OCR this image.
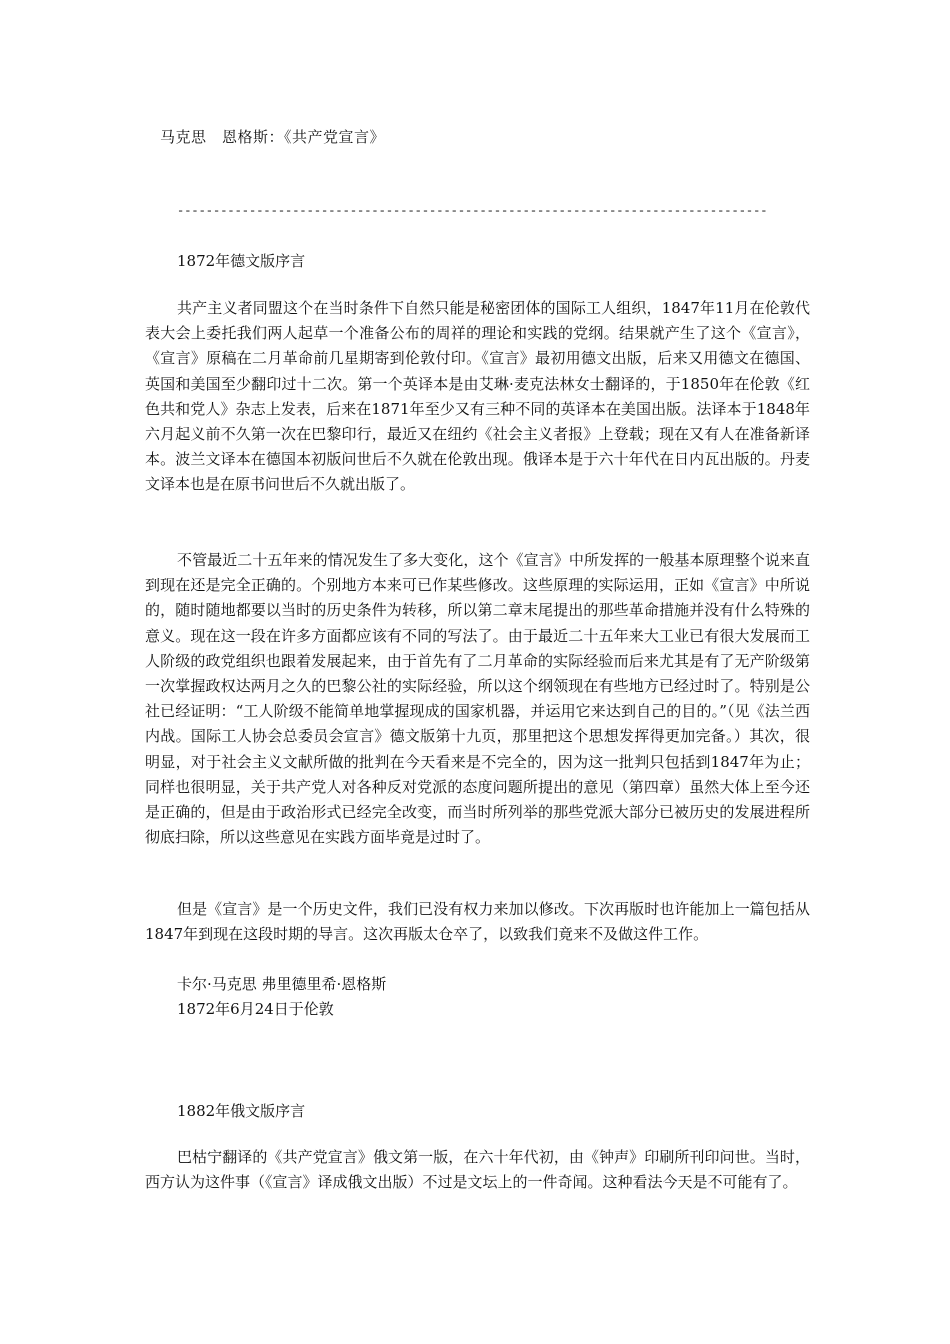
马克思　恩格斯：《共产党宣言》
----------------------------------------------------------------------------------
1872年德文版序言
共产主义者同盟这个在当时条件下自然只能是秘密团体的国际工人组织，1847年11月在伦敦代表大会上委托我们两人起草一个准备公布的周祥的理论和实践的党纲。结果就产生了这个《宣言》，《宣言》原稿在二月革命前几星期寄到伦敦付印。《宣言》最初用德文出版，后来又用德文在德国、英国和美国至少翻印过十二次。第一个英译本是由艾琳·麦克法林女士翻译的，于1850年在伦敦《红色共和党人》杂志上发表，后来在1871年至少又有三种不同的英译本在美国出版。法译本于1848年六月起义前不久第一次在巴黎印行，最近又在纽约《社会主义者报》上登载；现在又有人在准备新译本。波兰文译本在德国本初版问世后不久就在伦敦出现。俄译本是于六十年代在日内瓦出版的。丹麦文译本也是在原书问世后不久就出版了。
不管最近二十五年来的情况发生了多大变化，这个《宣言》中所发挥的一般基本原理整个说来直到现在还是完全正确的。个别地方本来可已作某些修改。这些原理的实际运用，正如《宣言》中所说的，随时随地都要以当时的历史条件为转移，所以第二章末尾提出的那些革命措施并没有什么特殊的意义。现在这一段在许多方面都应该有不同的写法了。由于最近二十五年来大工业已有很大发展而工人阶级的政党组织也跟着发展起来，由于首先有了二月革命的实际经验而后来尤其是有了无产阶级第一次掌握政权达两月之久的巴黎公社的实际经验，所以这个纲领现在有些地方已经过时了。特别是公社已经证明：“工人阶级不能简单地掌握现成的国家机器，并运用它来达到自己的目的。”（见《法兰西内战。国际工人协会总委员会宣言》德文版第十九页，那里把这个思想发挥得更加完备。）其次，很明显，对于社会主义文献所做的批判在今天看来是不完全的，因为这一批判只包括到1847年为止；同样也很明显，关于共产党人对各种反对党派的态度问题所提出的意见（第四章）虽然大体上至今还是正确的，但是由于政治形式已经完全改变，而当时所列举的那些党派大部分已被历史的发展进程所彻底扫除，所以这些意见在实践方面毕竟是过时了。
但是《宣言》是一个历史文件，我们已没有权力来加以修改。下次再版时也许能加上一篇包括从1847年到现在这段时期的导言。这次再版太仓卒了，以致我们竟来不及做这件工作。
卡尔·马克思 弗里德里希·恩格斯
1872年6月24日于伦敦
1882年俄文版序言
巴枯宁翻译的《共产党宣言》俄文第一版，在六十年代初，由《钟声》印刷所刊印问世。当时，西方认为这件事（《宣言》译成俄文出版）不过是文坛上的一件奇闻。这种看法今天是不可能有了。
